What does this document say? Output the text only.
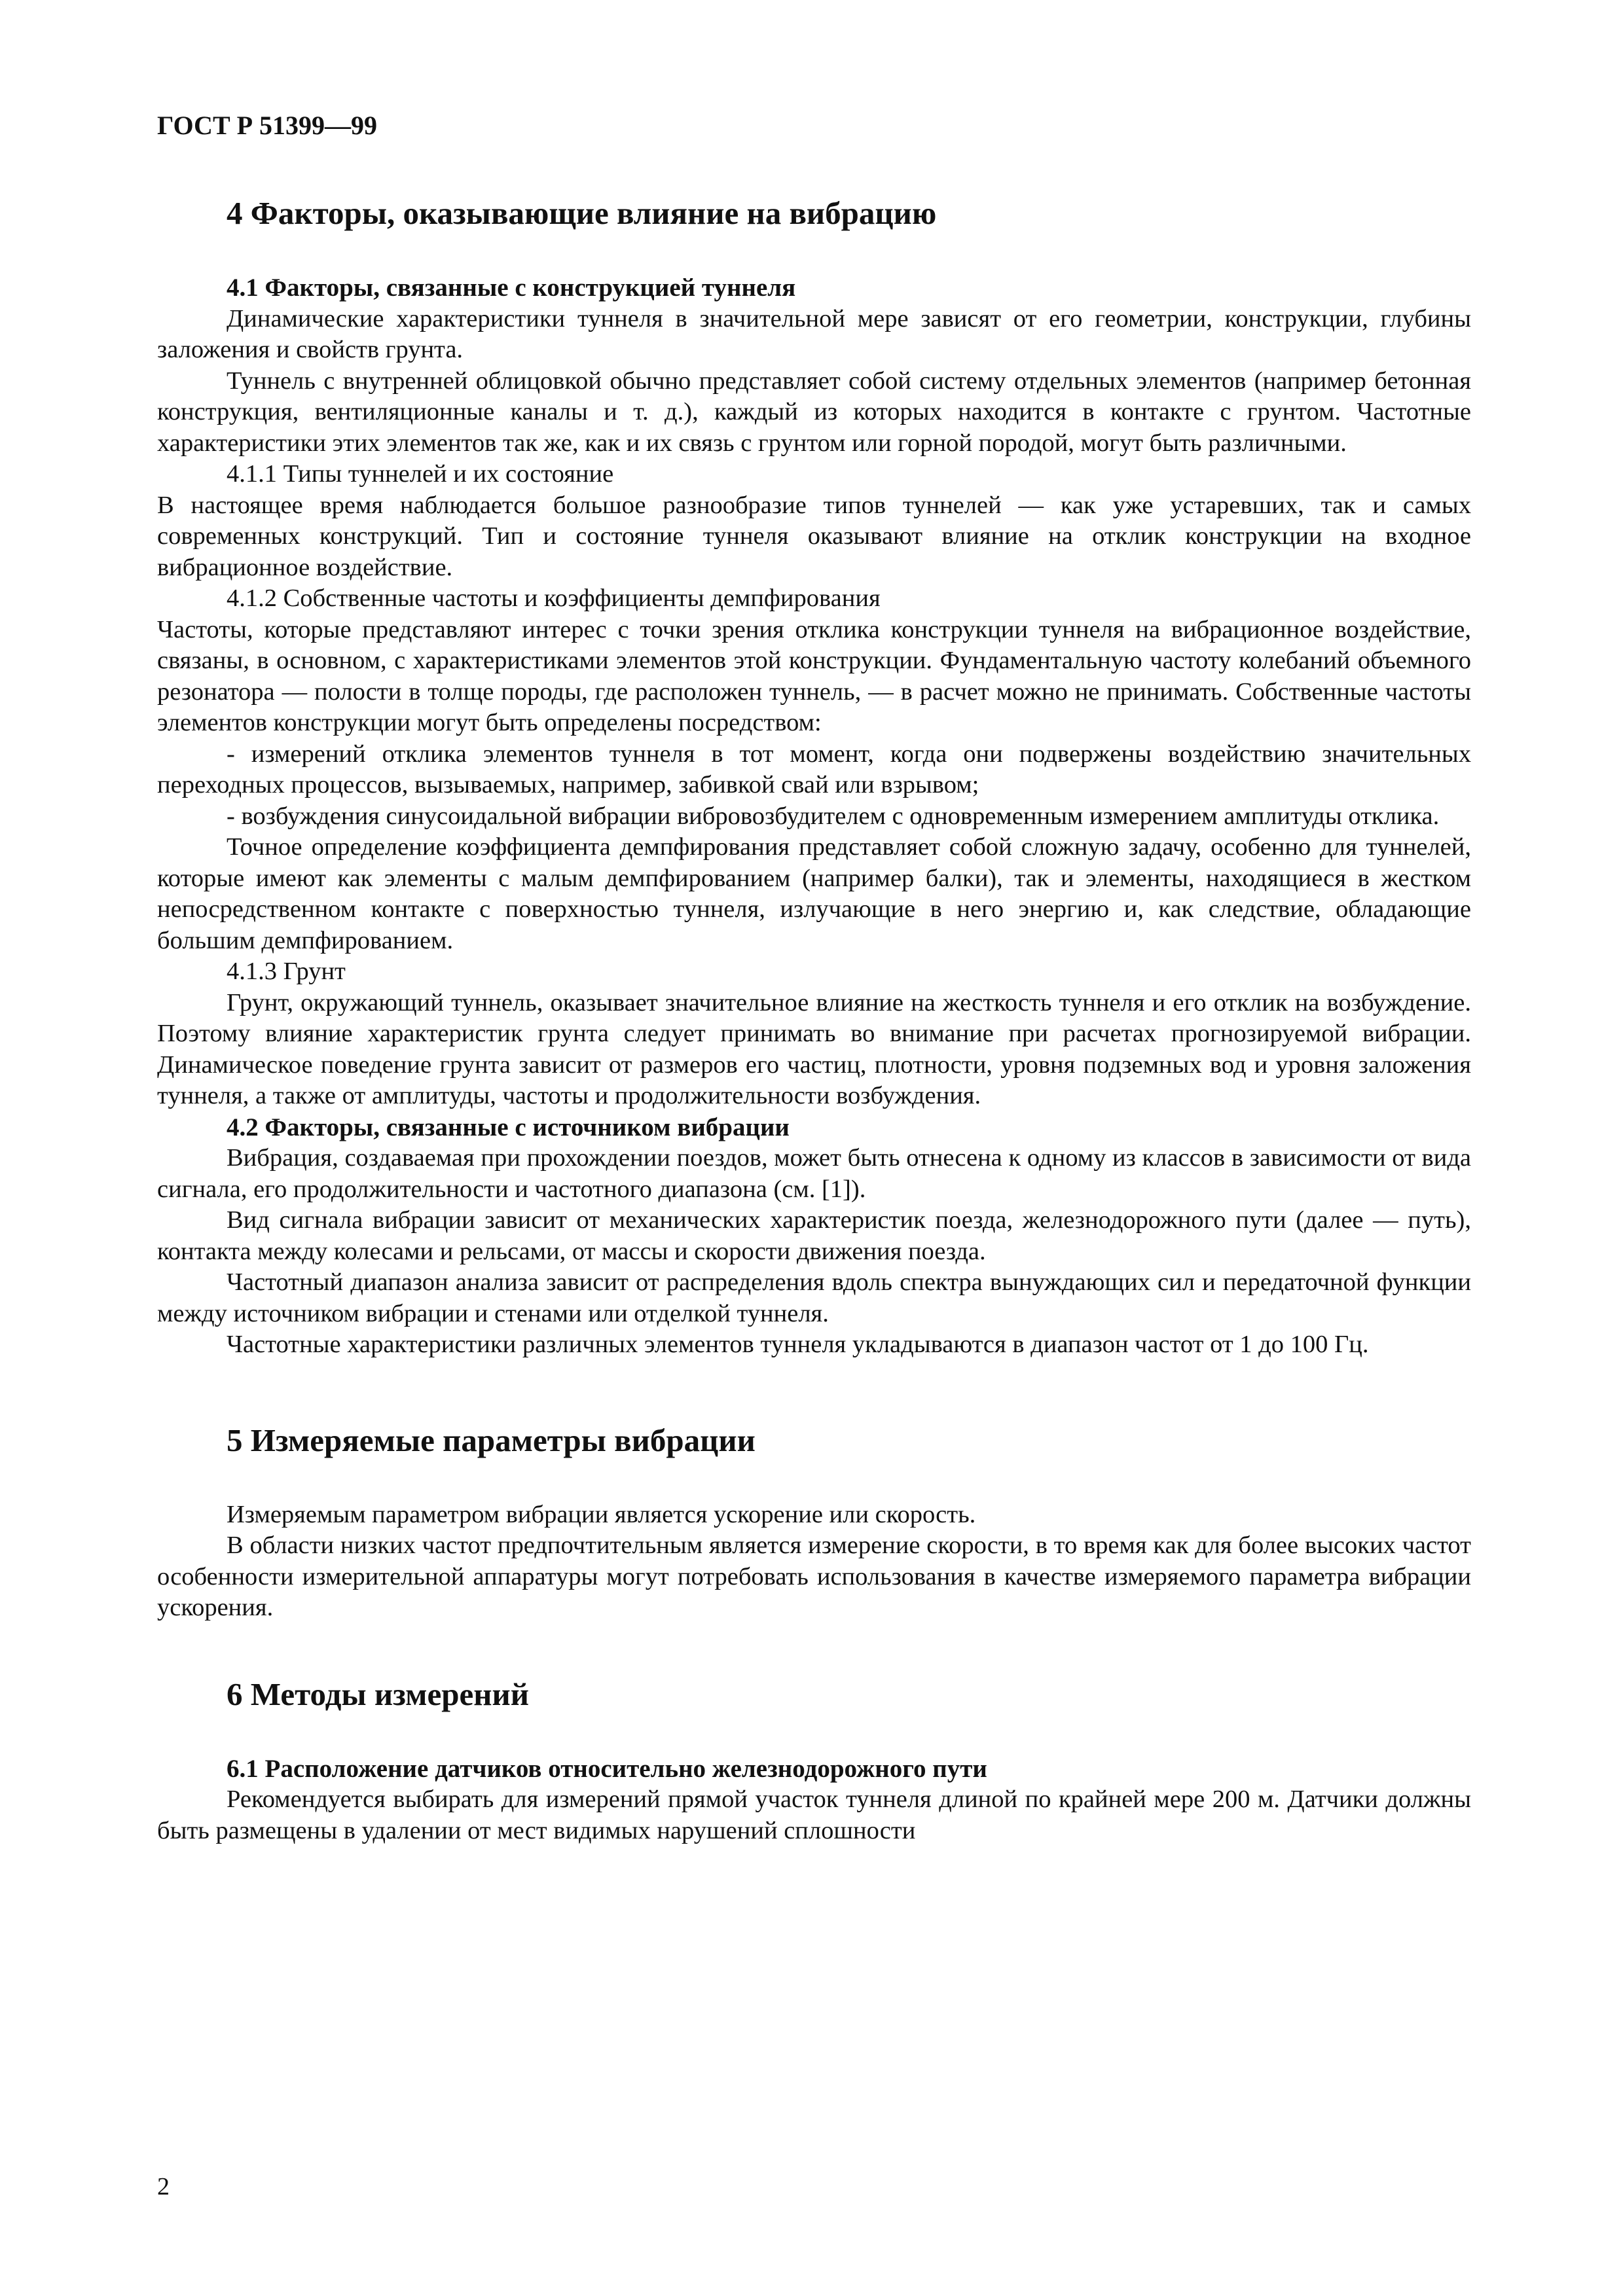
ГОСТ Р 51399—99
4 Факторы, оказывающие влияние на вибрацию
4.1 Факторы, связанные с конструкцией туннеля

Динамические характеристики туннеля в значительной мере зависят от его геометрии, конструкции, глубины заложения и свойств грунта.

Туннель с внутренней облицовкой обычно представляет собой систему отдельных элементов (например бетонная конструкция, вентиляционные каналы и т. д.), каждый из которых находится в контакте с грунтом. Частотные характеристики этих элементов так же, как и их связь с грунтом или горной породой, могут быть различными.

4.1.1 Типы туннелей и их состояние

В настоящее время наблюдается большое разнообразие типов туннелей — как уже устаревших, так и самых современных конструкций. Тип и состояние туннеля оказывают влияние на отклик конструкции на входное вибрационное воздействие.

4.1.2 Собственные частоты и коэффициенты демпфирования

Частоты, которые представляют интерес с точки зрения отклика конструкции туннеля на вибрационное воздействие, связаны, в основном, с характеристиками элементов этой конструкции. Фундаментальную частоту колебаний объемного резонатора — полости в толще породы, где расположен туннель, — в расчет можно не принимать. Собственные частоты элементов конструкции могут быть определены посредством:

- измерений отклика элементов туннеля в тот момент, когда они подвержены воздействию значительных переходных процессов, вызываемых, например, забивкой свай или взрывом;

- возбуждения синусоидальной вибрации вибровозбудителем с одновременным измерением амплитуды отклика.

Точное определение коэффициента демпфирования представляет собой сложную задачу, особенно для туннелей, которые имеют как элементы с малым демпфированием (например балки), так и элементы, находящиеся в жестком непосредственном контакте с поверхностью туннеля, излучающие в него энергию и, как следствие, обладающие большим демпфированием.

4.1.3 Грунт

Грунт, окружающий туннель, оказывает значительное влияние на жесткость туннеля и его отклик на возбуждение. Поэтому влияние характеристик грунта следует принимать во внимание при расчетах прогнозируемой вибрации. Динамическое поведение грунта зависит от размеров его частиц, плотности, уровня подземных вод и уровня заложения туннеля, а также от амплитуды, частоты и продолжительности возбуждения.

4.2 Факторы, связанные с источником вибрации

Вибрация, создаваемая при прохождении поездов, может быть отнесена к одному из классов в зависимости от вида сигнала, его продолжительности и частотного диапазона (см. [1]).

Вид сигнала вибрации зависит от механических характеристик поезда, железнодорожного пути (далее — путь), контакта между колесами и рельсами, от массы и скорости движения поезда.

Частотный диапазон анализа зависит от распределения вдоль спектра вынуждающих сил и передаточной функции между источником вибрации и стенами или отделкой туннеля.

Частотные характеристики различных элементов туннеля укладываются в диапазон частот от 1 до 100 Гц.

5 Измеряемые параметры вибрации

Измеряемым параметром вибрации является ускорение или скорость.

В области низких частот предпочтительным является измерение скорости, в то время как для более высоких частот особенности измерительной аппаратуры могут потребовать использования в качестве измеряемого параметра вибрации ускорения.

6 Методы измерений
6.1 Расположение датчиков относительно железнодорожного пути

Рекомендуется выбирать для измерений прямой участок туннеля длиной по крайней мере 200 м. Датчики должны быть размещены в удалении от мест видимых нарушений сплошности

2
